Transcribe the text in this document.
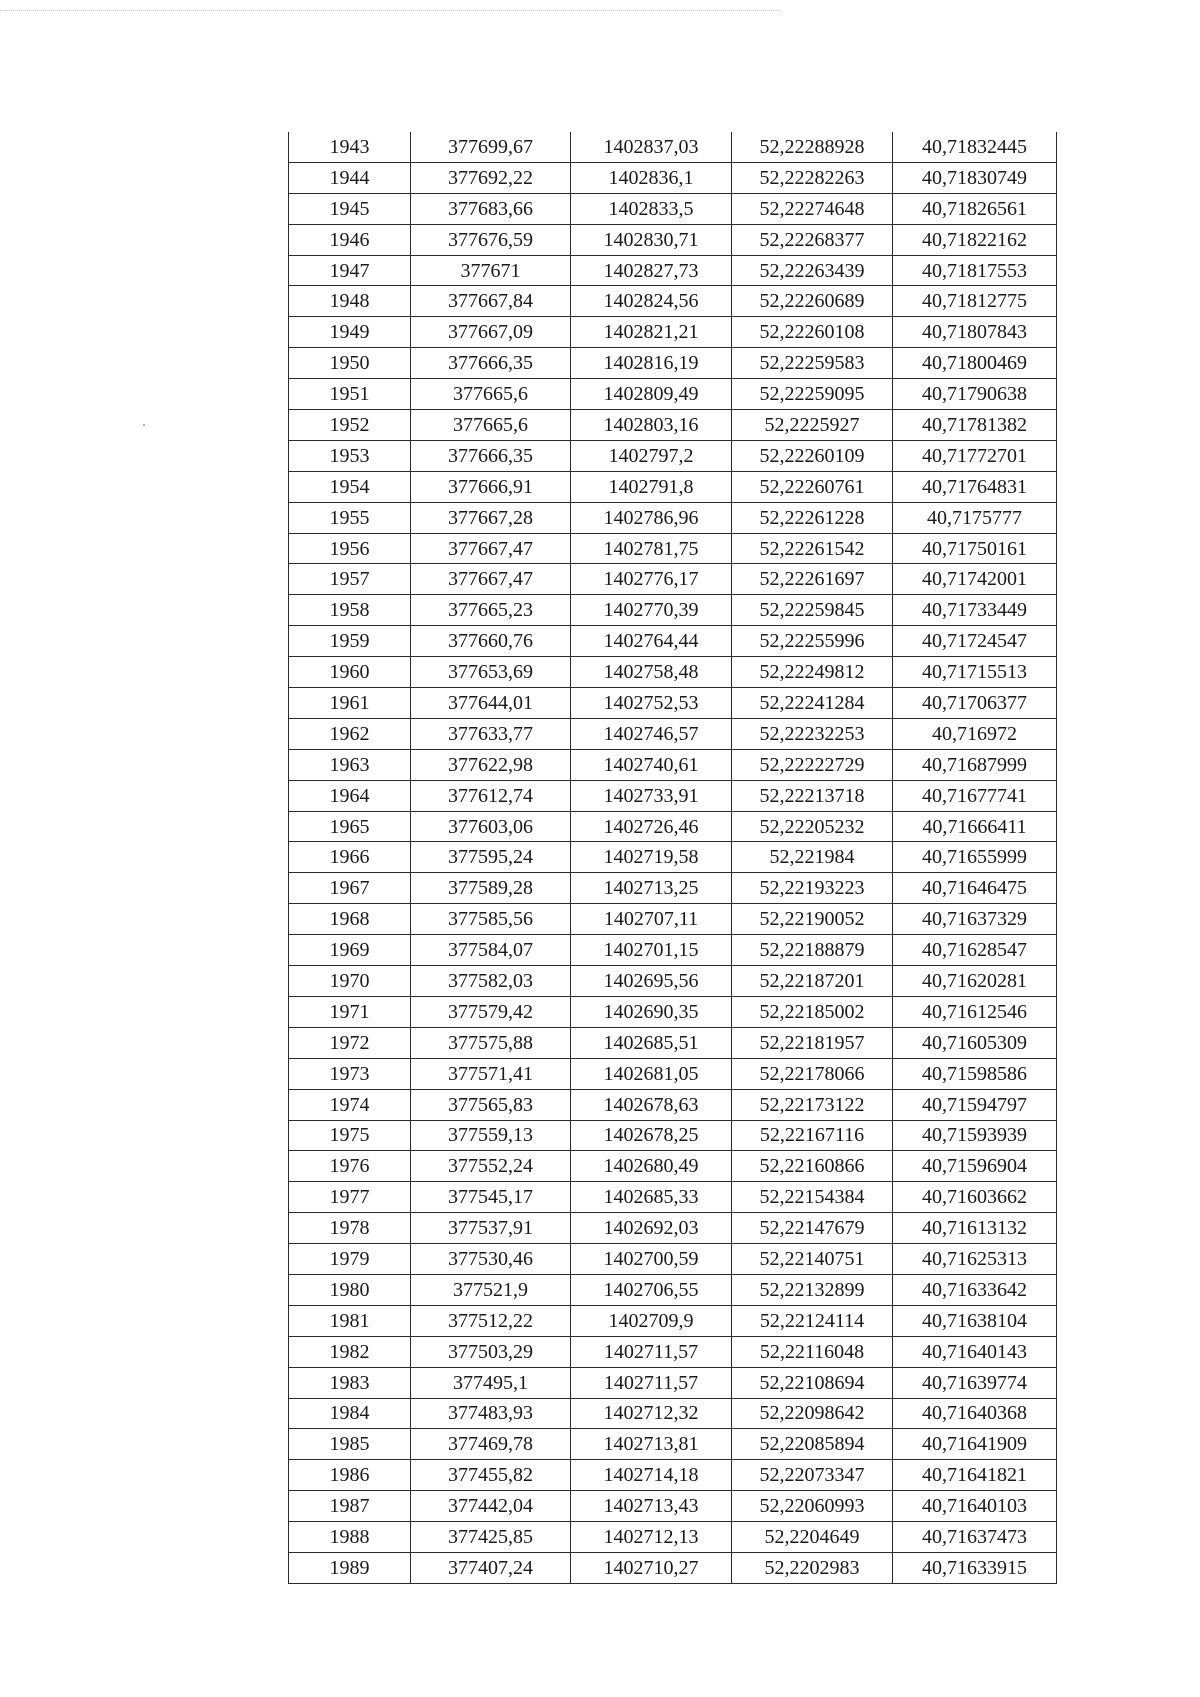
1943	377699,67	1402837,03	52,22288928	40,71832445
1944	377692,22	1402836,1	52,22282263	40,71830749
1945	377683,66	1402833,5	52,22274648	40,71826561
1946	377676,59	1402830,71	52,22268377	40,71822162
1947	377671	1402827,73	52,22263439	40,71817553
1948	377667,84	1402824,56	52,22260689	40,71812775
1949	377667,09	1402821,21	52,22260108	40,71807843
1950	377666,35	1402816,19	52,22259583	40,71800469
1951	377665,6	1402809,49	52,22259095	40,71790638
1952	377665,6	1402803,16	52,2225927	40,71781382
1953	377666,35	1402797,2	52,22260109	40,71772701
1954	377666,91	1402791,8	52,22260761	40,71764831
1955	377667,28	1402786,96	52,22261228	40,7175777
1956	377667,47	1402781,75	52,22261542	40,71750161
1957	377667,47	1402776,17	52,22261697	40,71742001
1958	377665,23	1402770,39	52,22259845	40,71733449
1959	377660,76	1402764,44	52,22255996	40,71724547
1960	377653,69	1402758,48	52,22249812	40,71715513
1961	377644,01	1402752,53	52,22241284	40,71706377
1962	377633,77	1402746,57	52,22232253	40,716972
1963	377622,98	1402740,61	52,22222729	40,71687999
1964	377612,74	1402733,91	52,22213718	40,71677741
1965	377603,06	1402726,46	52,22205232	40,71666411
1966	377595,24	1402719,58	52,221984	40,71655999
1967	377589,28	1402713,25	52,22193223	40,71646475
1968	377585,56	1402707,11	52,22190052	40,71637329
1969	377584,07	1402701,15	52,22188879	40,71628547
1970	377582,03	1402695,56	52,22187201	40,71620281
1971	377579,42	1402690,35	52,22185002	40,71612546
1972	377575,88	1402685,51	52,22181957	40,71605309
1973	377571,41	1402681,05	52,22178066	40,71598586
1974	377565,83	1402678,63	52,22173122	40,71594797
1975	377559,13	1402678,25	52,22167116	40,71593939
1976	377552,24	1402680,49	52,22160866	40,71596904
1977	377545,17	1402685,33	52,22154384	40,71603662
1978	377537,91	1402692,03	52,22147679	40,71613132
1979	377530,46	1402700,59	52,22140751	40,71625313
1980	377521,9	1402706,55	52,22132899	40,71633642
1981	377512,22	1402709,9	52,22124114	40,71638104
1982	377503,29	1402711,57	52,22116048	40,71640143
1983	377495,1	1402711,57	52,22108694	40,71639774
1984	377483,93	1402712,32	52,22098642	40,71640368
1985	377469,78	1402713,81	52,22085894	40,71641909
1986	377455,82	1402714,18	52,22073347	40,71641821
1987	377442,04	1402713,43	52,22060993	40,71640103
1988	377425,85	1402712,13	52,2204649	40,71637473
1989	377407,24	1402710,27	52,2202983	40,71633915
